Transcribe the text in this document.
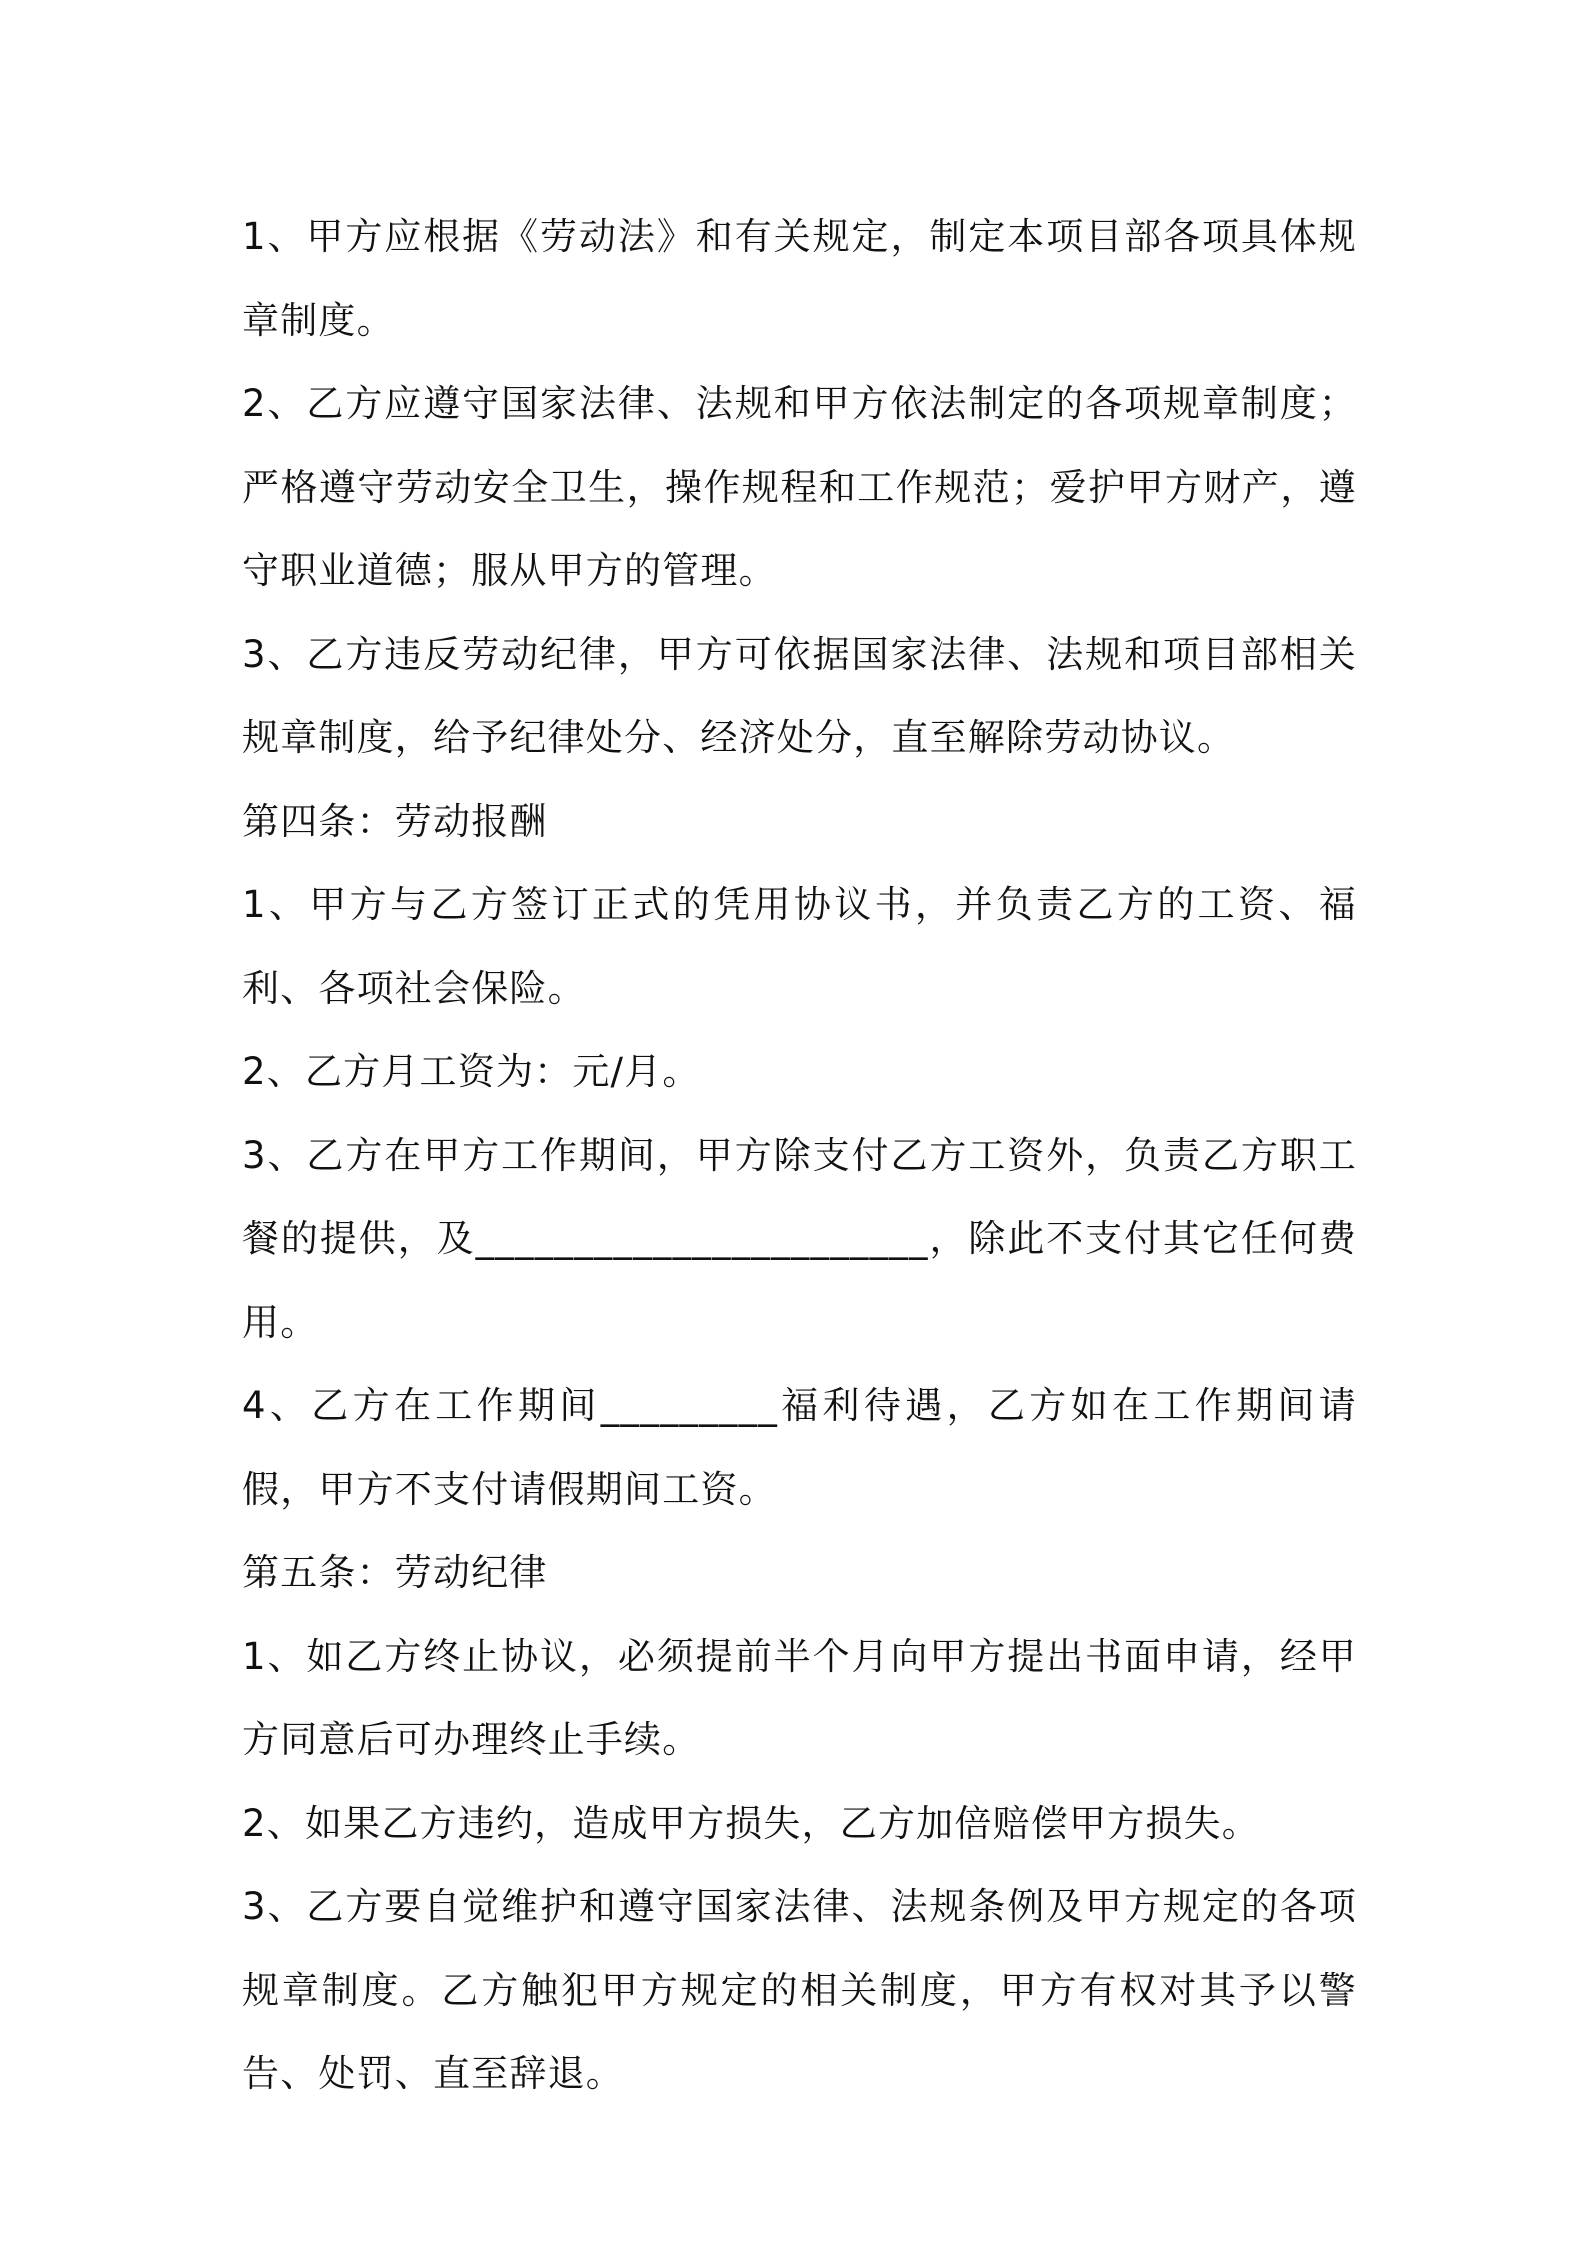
1、甲方应根据《劳动法》和有关规定，制定本项目部各项具体规章制度。

2、乙方应遵守国家法律、法规和甲方依法制定的各项规章制度；严格遵守劳动安全卫生，操作规程和工作规范；爱护甲方财产，遵守职业道德；服从甲方的管理。

3、乙方违反劳动纪律，甲方可依据国家法律、法规和项目部相关规章制度，给予纪律处分、经济处分，直至解除劳动协议。

第四条：劳动报酬

1、甲方与乙方签订正式的凭用协议书，并负责乙方的工资、福利、各项社会保险。

2、乙方月工资为：元/月。

3、乙方在甲方工作期间，甲方除支付乙方工资外，负责乙方职工餐的提供，及_______________________，除此不支付其它任何费用。

4、乙方在工作期间_________福利待遇，乙方如在工作期间请假，甲方不支付请假期间工资。

第五条：劳动纪律

1、如乙方终止协议，必须提前半个月向甲方提出书面申请，经甲方同意后可办理终止手续。

2、如果乙方违约，造成甲方损失，乙方加倍赔偿甲方损失。

3、乙方要自觉维护和遵守国家法律、法规条例及甲方规定的各项规章制度。乙方触犯甲方规定的相关制度，甲方有权对其予以警告、处罚、直至辞退。
